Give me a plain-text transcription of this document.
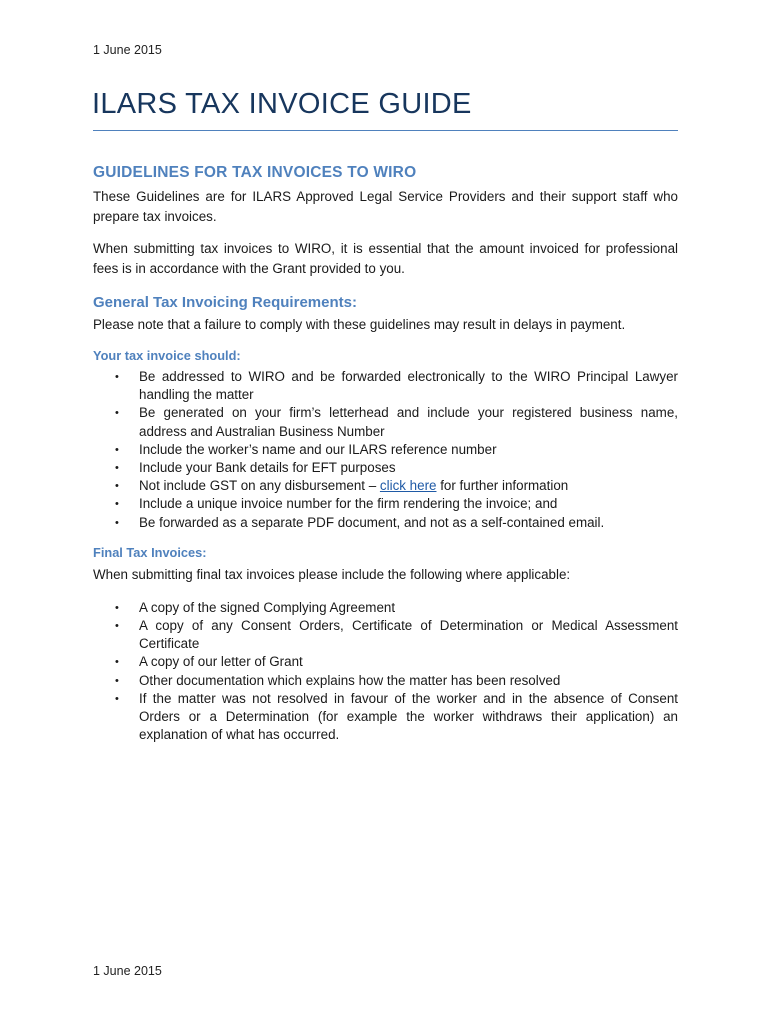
1 June 2015
ILARS TAX INVOICE GUIDE
GUIDELINES FOR TAX INVOICES TO WIRO

These Guidelines are for ILARS Approved Legal Service Providers and their support staff who prepare tax invoices.

When submitting tax invoices to WIRO, it is essential that the amount invoiced for professional fees is in accordance with the Grant provided to you.

General Tax Invoicing Requirements:

Please note that a failure to comply with these guidelines may result in delays in payment.

Your tax invoice should:
• Be addressed to WIRO and be forwarded electronically to the WIRO Principal Lawyer handling the matter
• Be generated on your firm’s letterhead and include your registered business name, address and Australian Business Number
• Include the worker’s name and our ILARS reference number
• Include your Bank details for EFT purposes
• Not include GST on any disbursement – click here for further information
• Include a unique invoice number for the firm rendering the invoice; and
• Be forwarded as a separate PDF document, and not as a self-contained email.
Final Tax Invoices:

When submitting final tax invoices please include the following where applicable:

• A copy of the signed Complying Agreement
• A copy of any Consent Orders, Certificate of Determination or Medical Assessment Certificate
• A copy of our letter of Grant
• Other documentation which explains how the matter has been resolved
• If the matter was not resolved in favour of the worker and in the absence of Consent Orders or a Determination (for example the worker withdraws their application) an explanation of what has occurred.
1 June 2015
